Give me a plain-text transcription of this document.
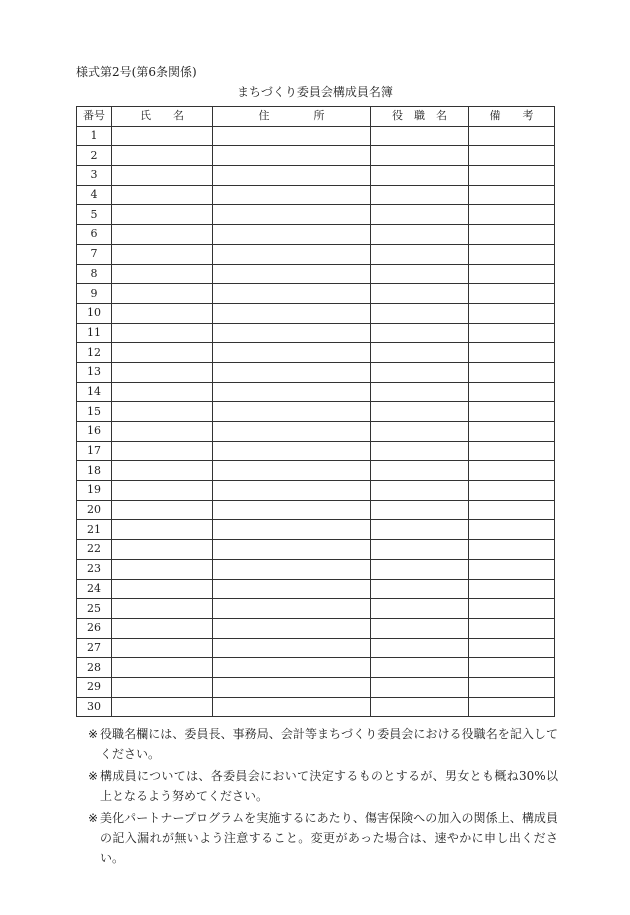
様式第2号(第6条関係)
まちづくり委員会構成員名簿
番号	氏　　名	住　　　　所	役　職　名	備　　考
1				
2				
3				
4				
5				
6				
7				
8				
9				
10				
11				
12				
13				
14				
15				
16				
17				
18				
19				
20				
21				
22				
23				
24				
25				
26				
27				
28				
29				
30				
※ 役職名欄には、委員長、事務局、会計等まちづくり委員会における役職名を記入してください。
※ 構成員については、各委員会において決定するものとするが、男女とも概ね30%以上となるよう努めてください。
※ 美化パートナープログラムを実施するにあたり、傷害保険への加入の関係上、構成員の記入漏れが無いよう注意すること。変更があった場合は、速やかに申し出ください。
